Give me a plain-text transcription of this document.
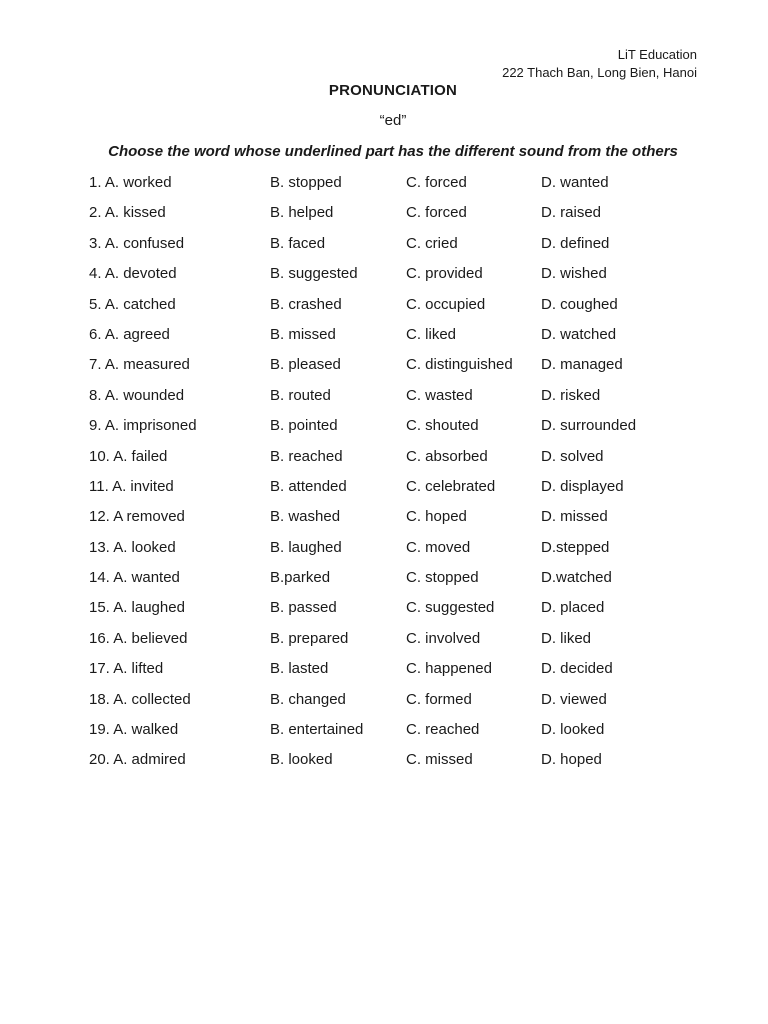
LiT Education
222 Thach Ban, Long Bien, Hanoi
PRONUNCIATION
“ed”
Choose the word whose underlined part has the different sound from the others
1. A. worked	B. stopped	C. forced	D. wanted
2. A. kissed	B. helped	C. forced	D. raised
3. A. confused	B. faced	C. cried	D. defined
4. A. devoted	B. suggested	C. provided	D. wished
5. A. catched	B. crashed	C. occupied	D. coughed
6. A. agreed	B. missed	C. liked	D. watched
7. A. measured	B. pleased	C. distinguished D. managed
8. A. wounded	B. routed	C. wasted	D. risked
9. A. imprisoned	B. pointed	C. shouted	D. surrounded
10. A. failed	B. reached	C. absorbed	D. solved
11. A. invited	B. attended	C. celebrated	D. displayed
12. A removed	B. washed	C. hoped	D. missed
13. A. looked	B. laughed	C. moved	D.stepped
14. A. wanted	B.parked	C. stopped	D.watched
15. A. laughed	B. passed	C. suggested	D. placed
16. A. believed	B. prepared	C. involved	D. liked
17. A. lifted	B. lasted	C. happened	D. decided
18. A. collected	B. changed	C. formed	D. viewed
19. A. walked	B. entertained	C. reached	D. looked
20. A. admired	B. looked	C. missed	D. hoped
